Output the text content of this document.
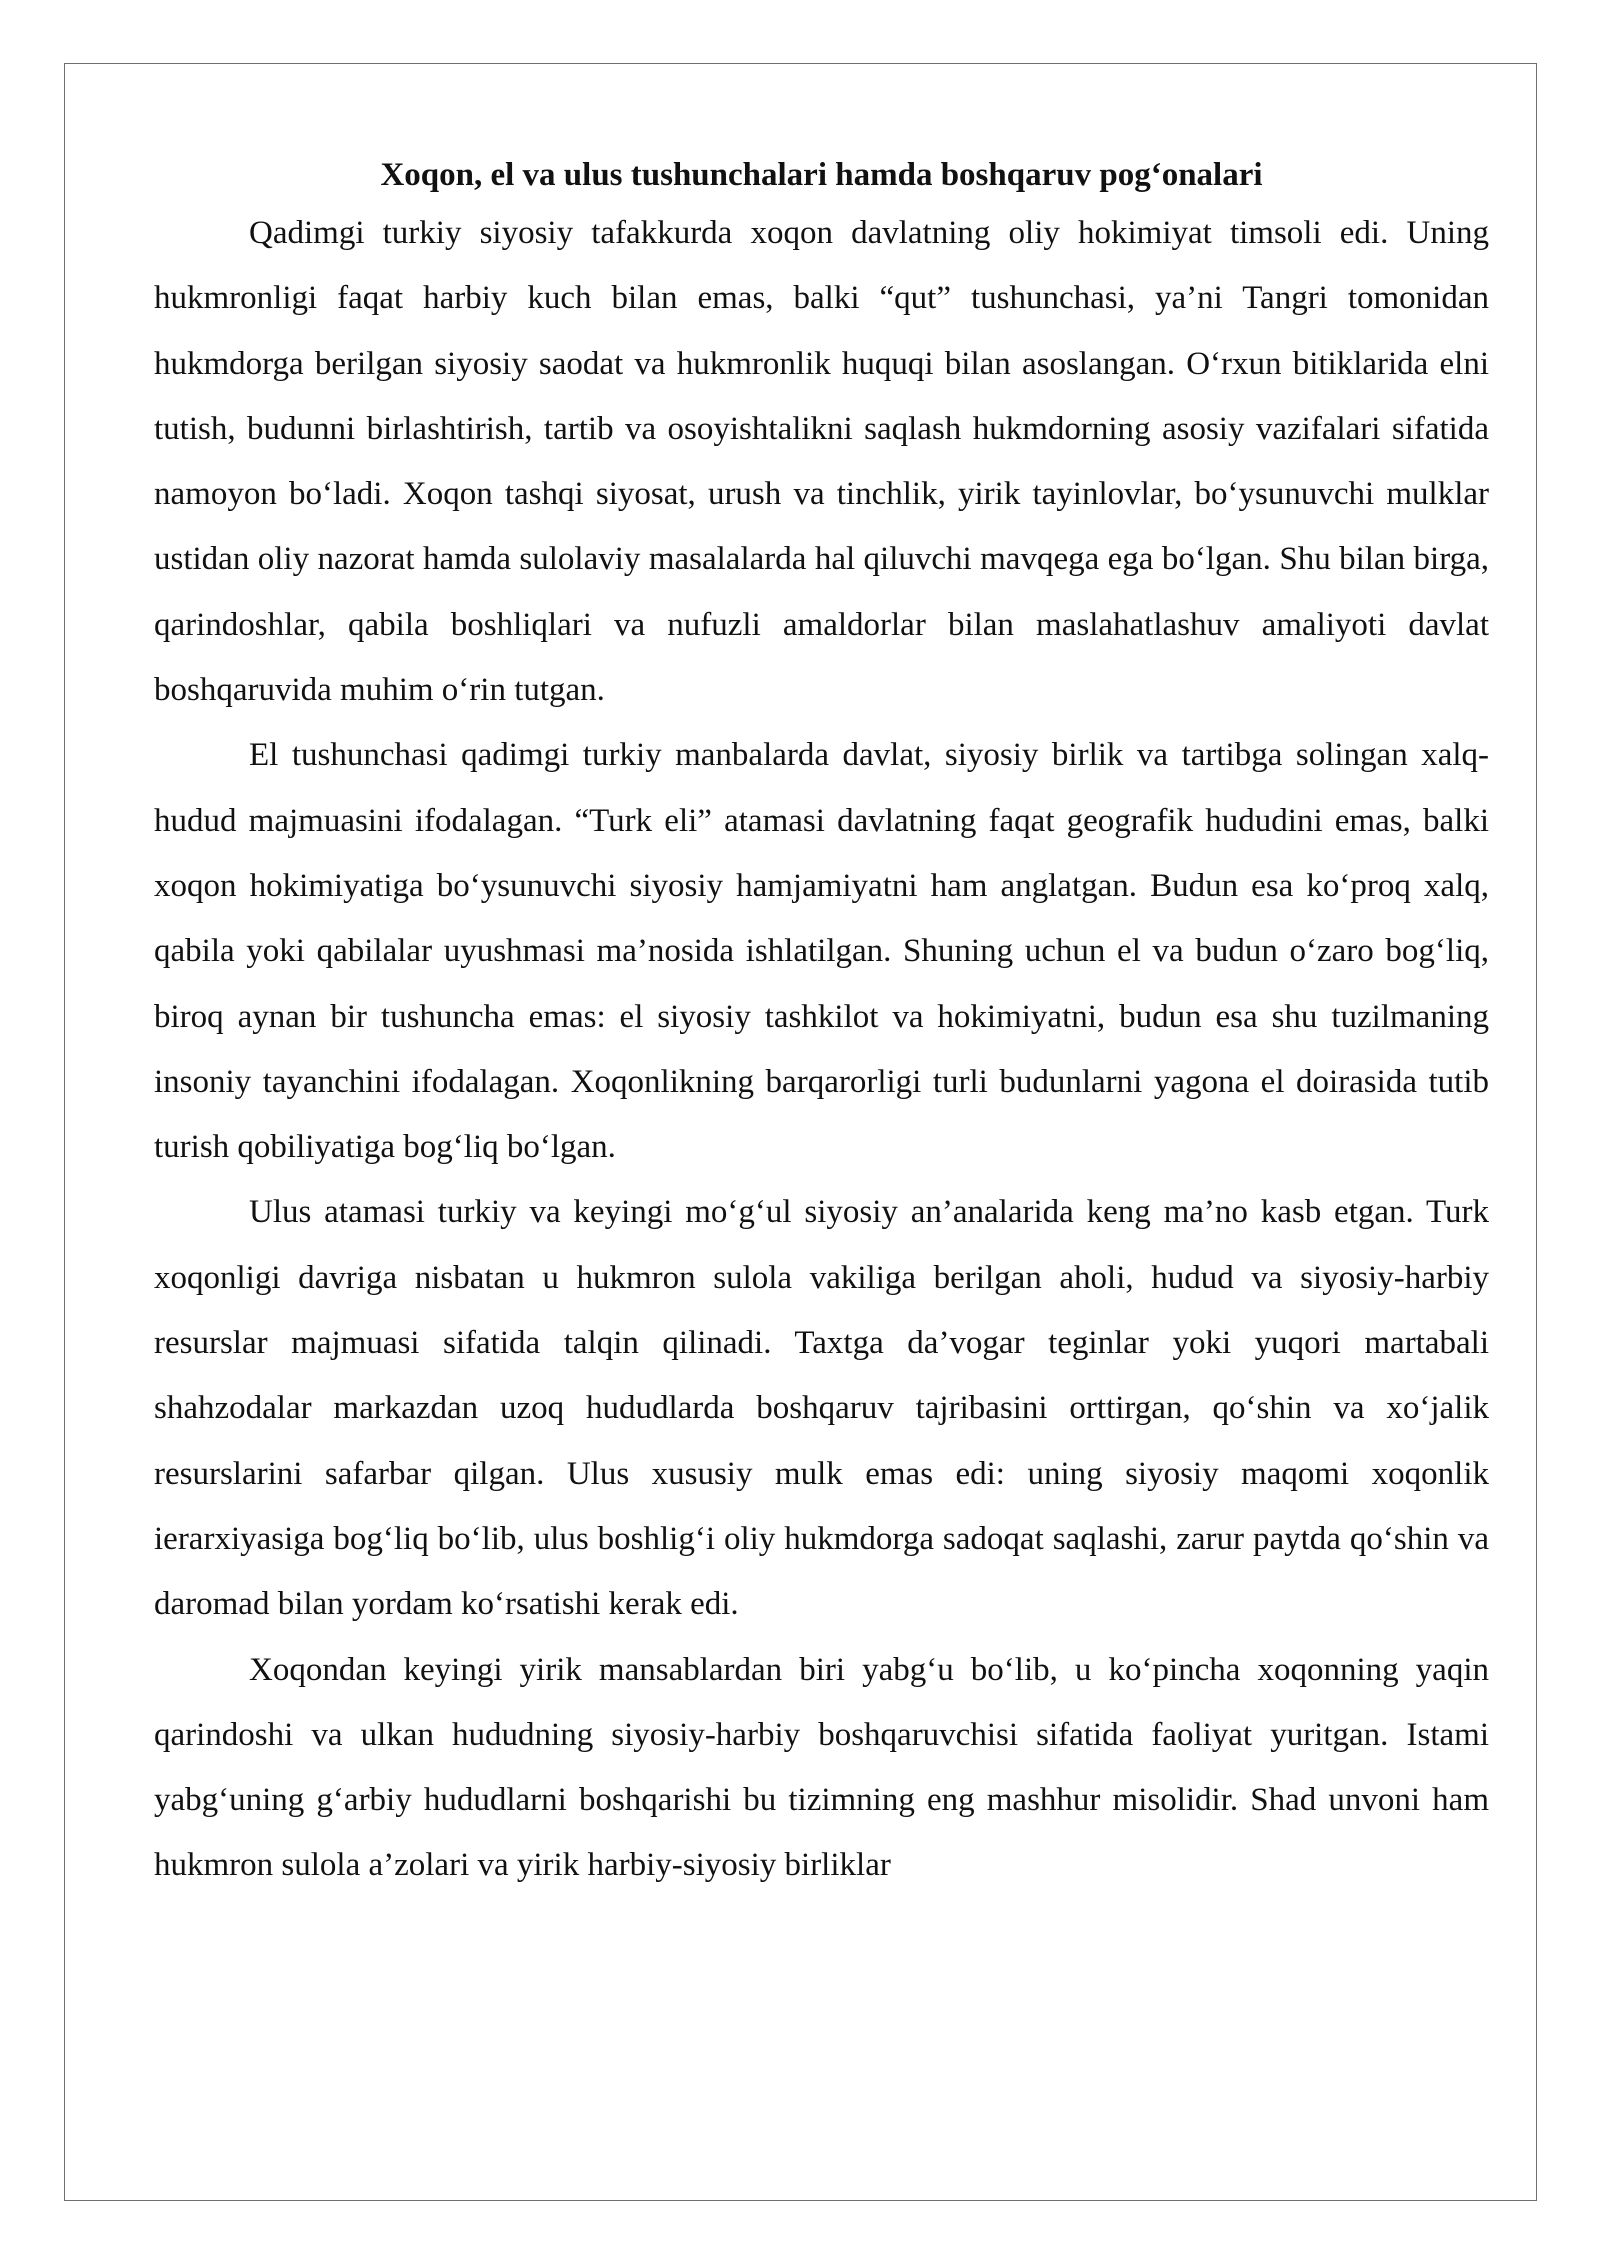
Xoqon, el va ulus tushunchalari hamda boshqaruv pog‘onalari

Qadimgi turkiy siyosiy tafakkurda xoqon davlatning oliy hokimiyat timsoli edi. Uning hukmronligi faqat harbiy kuch bilan emas, balki “qut” tushunchasi, ya’ni Tangri tomonidan hukmdorga berilgan siyosiy saodat va hukmronlik huquqi bilan asoslangan. O‘rxun bitiklarida elni tutish, budunni birlashtirish, tartib va osoyishtalikni saqlash hukmdorning asosiy vazifalari sifatida namoyon bo‘ladi. Xoqon tashqi siyosat, urush va tinchlik, yirik tayinlovlar, bo‘ysunuvchi mulklar ustidan oliy nazorat hamda sulolaviy masalalarda hal qiluvchi mavqega ega bo‘lgan. Shu bilan birga, qarindoshlar, qabila boshliqlari va nufuzli amaldorlar bilan maslahatlashuv amaliyoti davlat boshqaruvida muhim o‘rin tutgan.

El tushunchasi qadimgi turkiy manbalarda davlat, siyosiy birlik va tartibga solingan xalq-hudud majmuasini ifodalagan. “Turk eli” atamasi davlatning faqat geografik hududini emas, balki xoqon hokimiyatiga bo‘ysunuvchi siyosiy hamjamiyatni ham anglatgan. Budun esa ko‘proq xalq, qabila yoki qabilalar uyushmasi ma’nosida ishlatilgan. Shuning uchun el va budun o‘zaro bog‘liq, biroq aynan bir tushuncha emas: el siyosiy tashkilot va hokimiyatni, budun esa shu tuzilmaning insoniy tayanchini ifodalagan. Xoqonlikning barqarorligi turli budunlarni yagona el doirasida tutib turish qobiliyatiga bog‘liq bo‘lgan.

Ulus atamasi turkiy va keyingi mo‘g‘ul siyosiy an’analarida keng ma’no kasb etgan. Turk xoqonligi davriga nisbatan u hukmron sulola vakiliga berilgan aholi, hudud va siyosiy-harbiy resurslar majmuasi sifatida talqin qilinadi. Taxtga da’vogar teginlar yoki yuqori martabali shahzodalar markazdan uzoq hududlarda boshqaruv tajribasini orttirgan, qo‘shin va xo‘jalik resurslarini safarbar qilgan. Ulus xususiy mulk emas edi: uning siyosiy maqomi xoqonlik ierarxiyasiga bog‘liq bo‘lib, ulus boshlig‘i oliy hukmdorga sadoqat saqlashi, zarur paytda qo‘shin va daromad bilan yordam ko‘rsatishi kerak edi.

Xoqondan keyingi yirik mansablardan biri yabg‘u bo‘lib, u ko‘pincha xoqonning yaqin qarindoshi va ulkan hududning siyosiy-harbiy boshqaruvchisi sifatida faoliyat yuritgan. Istami yabg‘uning g‘arbiy hududlarni boshqarishi bu tizimning eng mashhur misolidir. Shad unvoni ham hukmron sulola a’zolari va yirik harbiy-siyosiy birliklar
